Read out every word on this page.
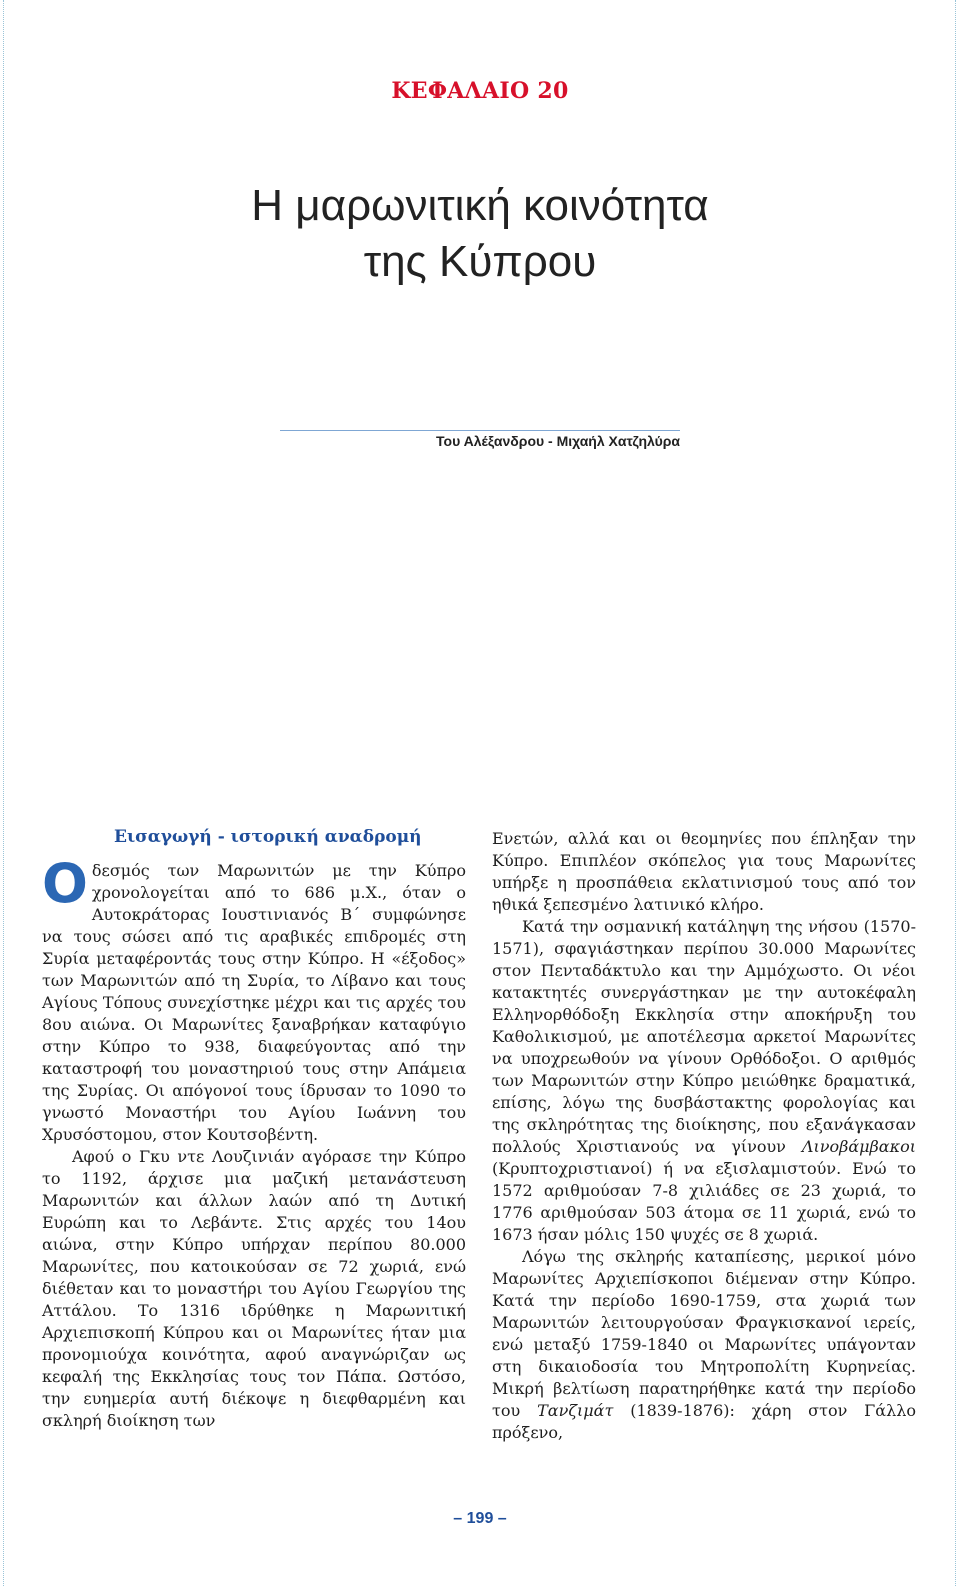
ΚΕΦΑΛΑΙΟ 20
Η μαρωνιτική κοινότητα
της Κύπρου
Του Αλέξανδρου - Μιχαήλ Χατζηλύρα
Εισαγωγή - ιστορική αναδρομή

Oδεσμός των Μαρωνιτών με την Κύπρο χρονολογείται από το 686 μ.Χ., όταν ο Αυτοκράτορας Ιουστινιανός Β΄ συμφώνησε να τους σώσει από τις αραβικές επιδρομές στη Συρία μεταφέροντάς τους στην Κύπρο. Η «έξοδος» των Μαρωνιτών από τη Συρία, το Λίβανο και τους Αγίους Τόπους συνεχίστηκε μέχρι και τις αρχές του 8ου αιώνα. Οι Μαρωνίτες ξαναβρήκαν καταφύγιο στην Κύπρο το 938, διαφεύγοντας από την καταστροφή του μοναστηριού τους στην Απάμεια της Συρίας. Οι απόγονοί τους ίδρυσαν το 1090 το γνωστό Μοναστήρι του Αγίου Ιωάννη του Χρυσόστομου, στον Κουτσοβέντη.

Αφού ο Γκυ ντε Λουζινιάν αγόρασε την Κύπρο το 1192, άρχισε μια μαζική μετανάστευση Μαρωνιτών και άλλων λαών από τη Δυτική Ευρώπη και το Λεβάντε. Στις αρχές του 14ου αιώνα, στην Κύπρο υπήρχαν περίπου 80.000 Μαρωνίτες, που κατοικούσαν σε 72 χωριά, ενώ διέθεταν και το μοναστήρι του Αγίου Γεωργίου της Αττάλου. Το 1316 ιδρύθηκε η Μαρωνιτική Αρχιεπισκοπή Κύπρου και οι Μαρωνίτες ήταν μια προνομιούχα κοινότητα, αφού αναγνώριζαν ως κεφαλή της Εκκλησίας τους τον Πάπα. Ωστόσο, την ευημερία αυτή διέκοψε η διεφθαρμένη και σκληρή διοίκηση των

Ενετών, αλλά και οι θεομηνίες που έπληξαν την Κύπρο. Επιπλέον σκόπελος για τους Μαρωνίτες υπήρξε η προσπάθεια εκλατινισμού τους από τον ηθικά ξεπεσμένο λατινικό κλήρο.

Κατά την οσμανική κατάληψη της νήσου (1570-1571), σφαγιάστηκαν περίπου 30.000 Μαρωνίτες στον Πενταδάκτυλο και την Αμμόχωστο. Οι νέοι κατακτητές συνεργάστηκαν με την αυτοκέφαλη Ελληνορθόδοξη Εκκλησία στην αποκήρυξη του Καθολικισμού, με αποτέλεσμα αρκετοί Μαρωνίτες να υποχρεωθούν να γίνουν Ορθόδοξοι. Ο αριθμός των Μαρωνιτών στην Κύπρο μειώθηκε δραματικά, επίσης, λόγω της δυσβάστακτης φορολογίας και της σκληρότητας της διοίκησης, που εξανάγκασαν πολλούς Χριστιανούς να γίνουν Λινοβάμβακοι (Κρυπτοχριστιανοί) ή να εξισλαμιστούν. Ενώ το 1572 αριθμούσαν 7-8 χιλιάδες σε 23 χωριά, το 1776 αριθμούσαν 503 άτομα σε 11 χωριά, ενώ το 1673 ήσαν μόλις 150 ψυχές σε 8 χωριά.

Λόγω της σκληρής καταπίεσης, μερικοί μόνο Μαρωνίτες Αρχιεπίσκοποι διέμεναν στην Κύπρο. Κατά την περίοδο 1690-1759, στα χωριά των Μαρωνιτών λειτουργούσαν Φραγκισκανοί ιερείς, ενώ μεταξύ 1759-1840 οι Μαρωνίτες υπάγονταν στη δικαιοδοσία του Μητροπολίτη Κυρηνείας. Μικρή βελτίωση παρατηρήθηκε κατά την περίοδο του Τανζιμάτ (1839-1876): χάρη στον Γάλλο πρόξενο,

– 199 –
